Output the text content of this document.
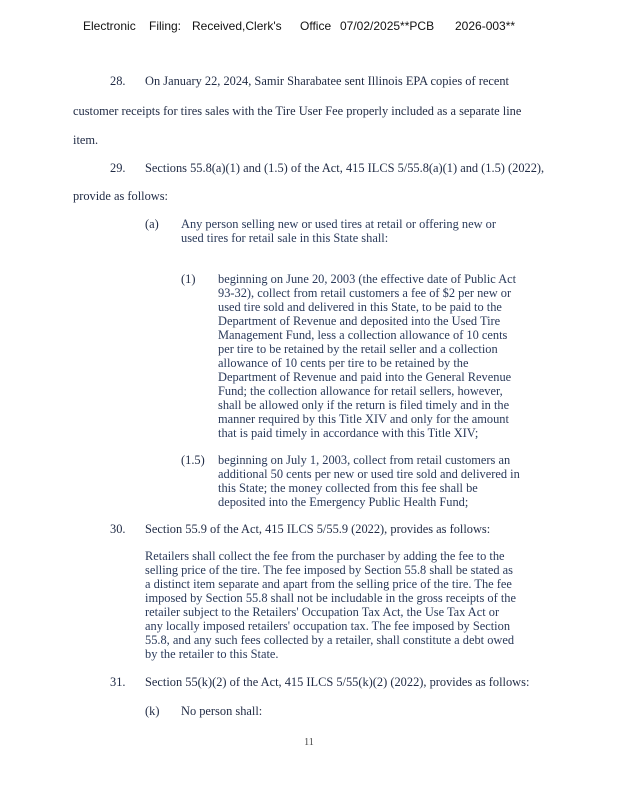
Electronic Filing: Received,Clerk's Office 07/02/2025**PCB 2026-003**
28. On January 22, 2024, Samir Sharabatee sent Illinois EPA copies of recent
customer receipts for tires sales with the Tire User Fee properly included as a separate line
item.
29. Sections 55.8(a)(1) and (1.5) of the Act, 415 ILCS 5/55.8(a)(1) and (1.5) (2022),
provide as follows:
(a) Any person selling new or used tires at retail or offering new or
used tires for retail sale in this State shall:
(1) beginning on June 20, 2003 (the effective date of Public Act
93-32), collect from retail customers a fee of $2 per new or
used tire sold and delivered in this State, to be paid to the
Department of Revenue and deposited into the Used Tire
Management Fund, less a collection allowance of 10 cents
per tire to be retained by the retail seller and a collection
allowance of 10 cents per tire to be retained by the
Department of Revenue and paid into the General Revenue
Fund; the collection allowance for retail sellers, however,
shall be allowed only if the return is filed timely and in the
manner required by this Title XIV and only for the amount
that is paid timely in accordance with this Title XIV;
(1.5) beginning on July 1, 2003, collect from retail customers an
additional 50 cents per new or used tire sold and delivered in
this State; the money collected from this fee shall be
deposited into the Emergency Public Health Fund;
30. Section 55.9 of the Act, 415 ILCS 5/55.9 (2022), provides as follows:
Retailers shall collect the fee from the purchaser by adding the fee to the
selling price of the tire. The fee imposed by Section 55.8 shall be stated as
a distinct item separate and apart from the selling price of the tire. The fee
imposed by Section 55.8 shall not be includable in the gross receipts of the
retailer subject to the Retailers' Occupation Tax Act, the Use Tax Act or
any locally imposed retailers' occupation tax. The fee imposed by Section
55.8, and any such fees collected by a retailer, shall constitute a debt owed
by the retailer to this State.
31. Section 55(k)(2) of the Act, 415 ILCS 5/55(k)(2) (2022), provides as follows:
(k) No person shall:
11
